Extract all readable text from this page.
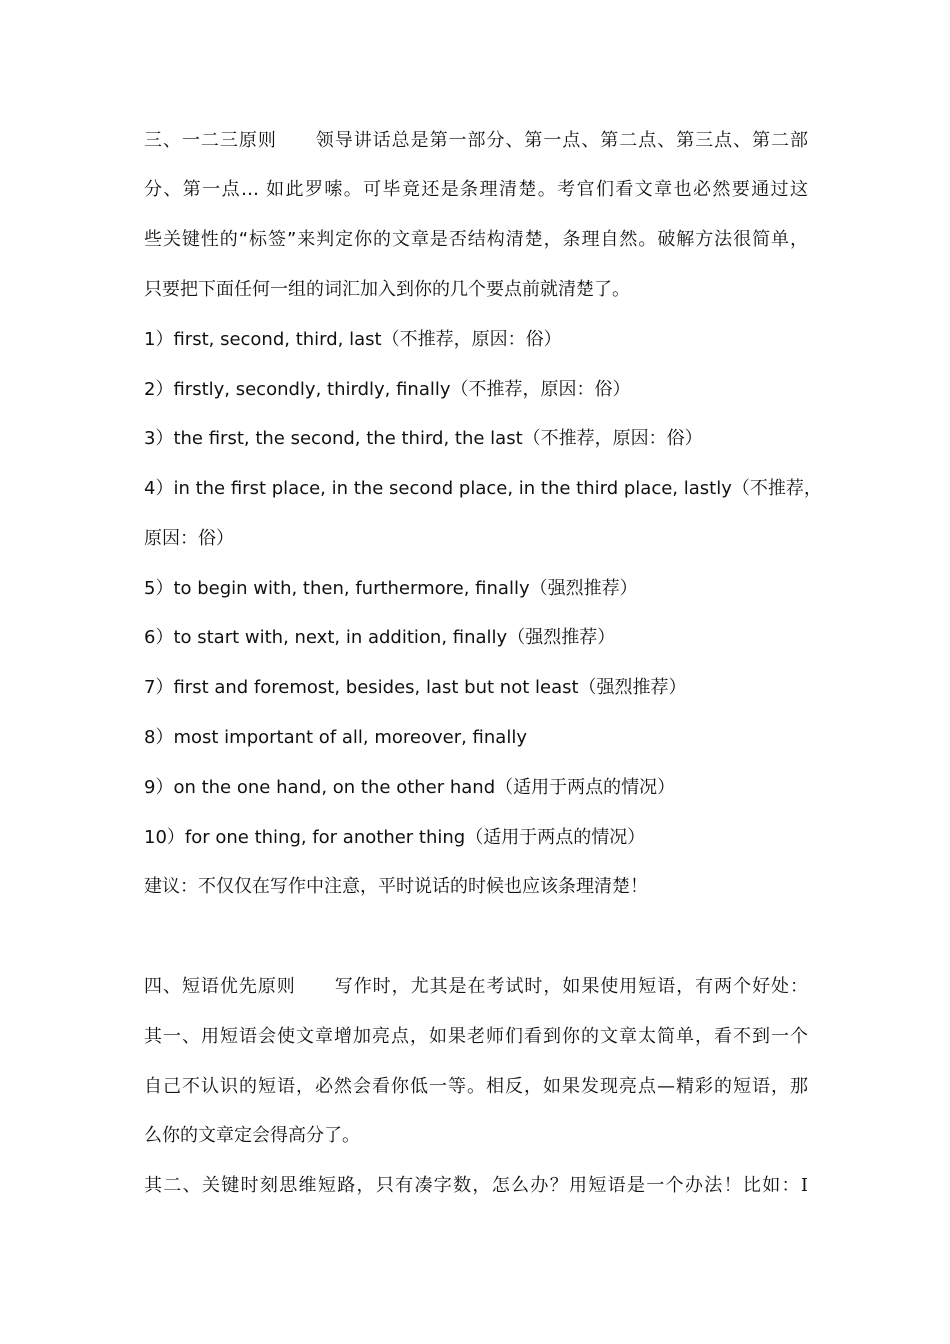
三、一二三原则 领导讲话总是第一部分、第一点、第二点、第三点、第二部
分、第一点… 如此罗嗦。可毕竟还是条理清楚。考官们看文章也必然要通过这
些关键性的“标签”来判定你的文章是否结构清楚，条理自然。破解方法很简单，
只要把下面任何一组的词汇加入到你的几个要点前就清楚了。
1）first, second, third, last（不推荐，原因：俗）
2）firstly, secondly, thirdly, finally（不推荐，原因：俗）
3）the first, the second, the third, the last（不推荐，原因：俗）
4）in the first place, in the second place, in the third place, lastly（不推荐，
原因：俗）
5）to begin with, then, furthermore, finally（强烈推荐）
6）to start with, next, in addition, finally（强烈推荐）
7）first and foremost, besides, last but not least（强烈推荐）
8）most important of all, moreover, finally
9）on the one hand, on the other hand（适用于两点的情况）
10）for one thing, for another thing（适用于两点的情况）
建议：不仅仅在写作中注意，平时说话的时候也应该条理清楚！
四、短语优先原则 写作时，尤其是在考试时，如果使用短语，有两个好处：
其一、用短语会使文章增加亮点，如果老师们看到你的文章太简单，看不到一个
自己不认识的短语，必然会看你低一等。相反，如果发现亮点—精彩的短语，那
么你的文章定会得高分了。
其二、关键时刻思维短路，只有凑字数，怎么办？用短语是一个办法！比如：I
